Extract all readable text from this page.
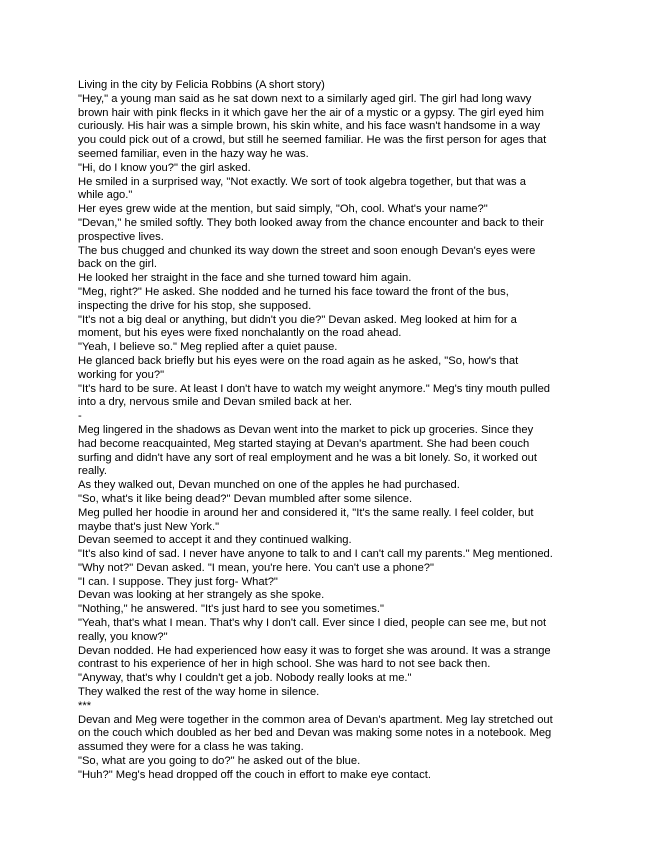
Living in the city by Felicia Robbins (A short story)
"Hey," a young man said as he sat down next to a similarly aged girl. The girl had long wavy
brown hair with pink flecks in it which gave her the air of a mystic or a gypsy. The girl eyed him
curiously. His hair was a simple brown, his skin white, and his face wasn't handsome in a way
you could pick out of a crowd, but still he seemed familiar. He was the first person for ages that
seemed familiar, even in the hazy way he was.
"Hi, do I know you?" the girl asked.
He smiled in a surprised way, "Not exactly. We sort of took algebra together, but that was a
while ago."
Her eyes grew wide at the mention, but said simply, "Oh, cool. What's your name?"
"Devan," he smiled softly. They both looked away from the chance encounter and back to their
prospective lives.
The bus chugged and chunked its way down the street and soon enough Devan's eyes were
back on the girl.
He looked her straight in the face and she turned toward him again.
"Meg, right?" He asked. She nodded and he turned his face toward the front of the bus,
inspecting the drive for his stop, she supposed.
"It's not a big deal or anything, but didn't you die?" Devan asked. Meg looked at him for a
moment, but his eyes were fixed nonchalantly on the road ahead.
"Yeah, I believe so." Meg replied after a quiet pause.
He glanced back briefly but his eyes were on the road again as he asked, "So, how's that
working for you?"
"It's hard to be sure. At least I don't have to watch my weight anymore." Meg's tiny mouth pulled
into a dry, nervous smile and Devan smiled back at her.
-
Meg lingered in the shadows as Devan went into the market to pick up groceries. Since they
had become reacquainted, Meg started staying at Devan's apartment. She had been couch
surfing and didn't have any sort of real employment and he was a bit lonely. So, it worked out
really.
As they walked out, Devan munched on one of the apples he had purchased.
"So, what's it like being dead?" Devan mumbled after some silence.
Meg pulled her hoodie in around her and considered it, "It's the same really. I feel colder, but
maybe that's just New York."
Devan seemed to accept it and they continued walking.
"It's also kind of sad. I never have anyone to talk to and I can't call my parents." Meg mentioned.
"Why not?" Devan asked. "I mean, you're here. You can't use a phone?"
"I can. I suppose. They just forg- What?"
Devan was looking at her strangely as she spoke.
"Nothing," he answered. "It's just hard to see you sometimes."
"Yeah, that's what I mean. That's why I don't call. Ever since I died, people can see me, but not
really, you know?"
Devan nodded. He had experienced how easy it was to forget she was around. It was a strange
contrast to his experience of her in high school. She was hard to not see back then.
"Anyway, that's why I couldn't get a job. Nobody really looks at me."
They walked the rest of the way home in silence.
***
Devan and Meg were together in the common area of Devan's apartment. Meg lay stretched out
on the couch which doubled as her bed and Devan was making some notes in a notebook. Meg
assumed they were for a class he was taking.
"So, what are you going to do?" he asked out of the blue.
"Huh?" Meg's head dropped off the couch in effort to make eye contact.
